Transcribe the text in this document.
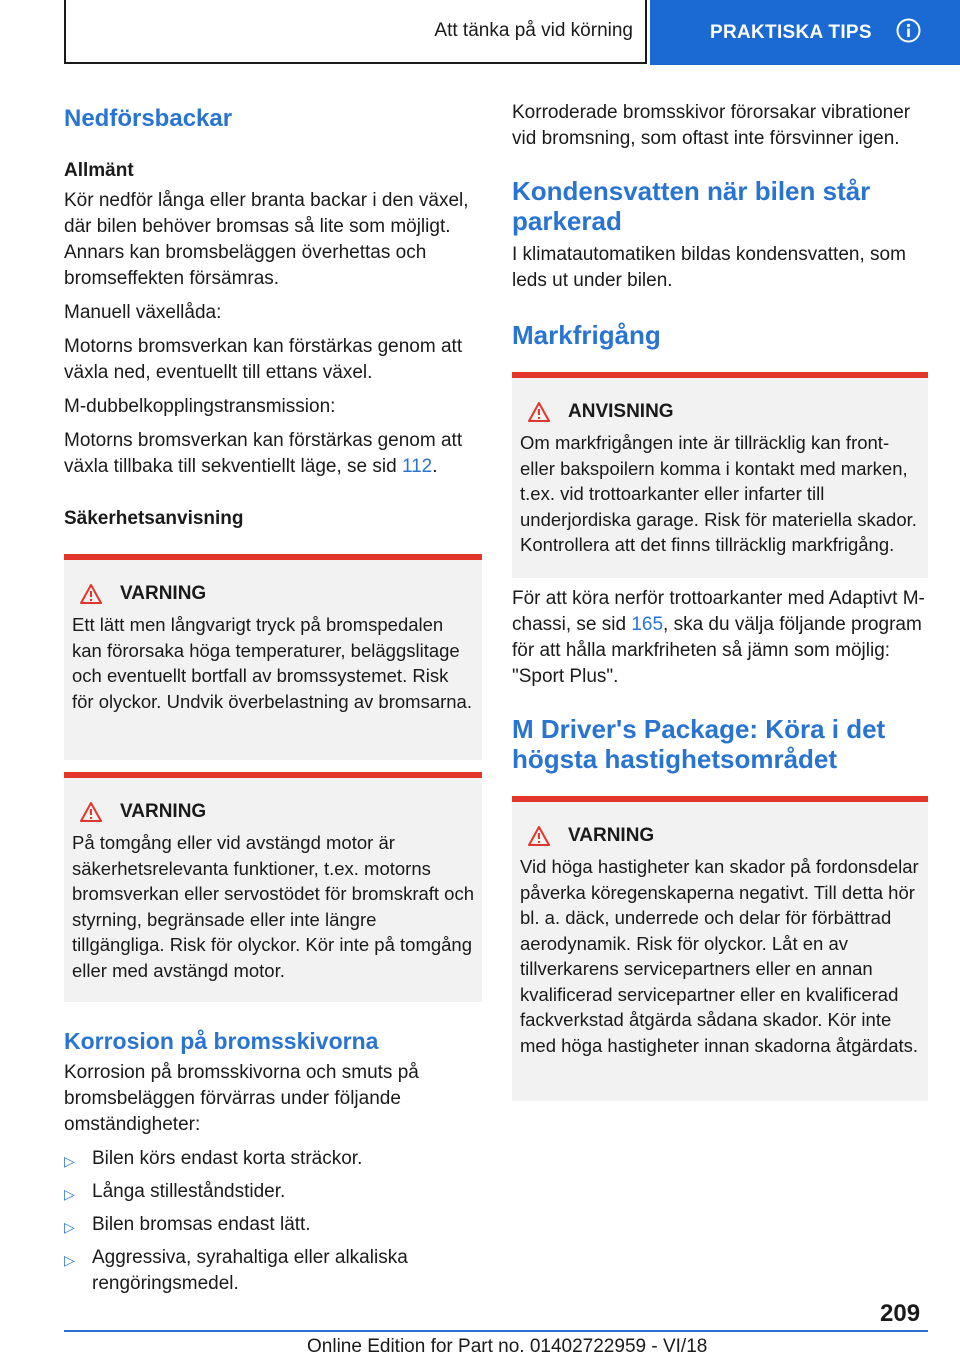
Att tänka på vid körning	PRAKTISKA TIPS
Nedförsbackar
Allmänt

Kör nedför långa eller branta backar i den växel, där bilen behöver bromsas så lite som möjligt. Annars kan bromsbeläggen överhettas och bromseffekten försämras.

Manuell växellåda:

Motorns bromsverkan kan förstärkas genom att växla ned, eventuellt till ettans växel.

M-dubbelkopplingstransmission:

Motorns bromsverkan kan förstärkas genom att växla tillbaka till sekventiellt läge, se sid 112.

Säkerhetsanvisning
VARNING
Ett lätt men långvarigt tryck på bromspedalen kan förorsaka höga temperaturer, beläggslitage och eventuellt bortfall av bromssystemet. Risk för olyckor. Undvik överbelastning av bromsarna.
VARNING
På tomgång eller vid avstängd motor är säkerhetsrelevanta funktioner, t.ex. motorns bromsverkan eller servostödet för bromskraft och styrning, begränsade eller inte längre tillgängliga. Risk för olyckor. Kör inte på tomgång eller med avstängd motor.
Korrosion på bromsskivorna

Korrosion på bromsskivorna och smuts på bromsbeläggen förvärras under följande omständigheter:

▷ Bilen körs endast korta sträckor.
▷ Långa stilleståndstider.
▷ Bilen bromsas endast lätt.
▷ Aggressiva, syrahaltiga eller alkaliska rengöringsmedel.

Korroderade bromsskivor förorsakar vibrationer vid bromsning, som oftast inte försvinner igen.

Kondensvatten när bilen står parkerad

I klimatautomatiken bildas kondensvatten, som leds ut under bilen.

Markfrigång
ANVISNING
Om markfrigången inte är tillräcklig kan front- eller bakspoilern komma i kontakt med marken, t.ex. vid trottoarkanter eller infarter till underjordiska garage. Risk för materiella skador. Kontrollera att det finns tillräcklig markfrigång.

För att köra nerför trottoarkanter med Adaptivt M-chassi, se sid 165, ska du välja följande program för att hålla markfriheten så jämn som möjlig: "Sport Plus".

M Driver's Package: Köra i det högsta hastighetsområdet
VARNING
Vid höga hastigheter kan skador på fordonsdelar påverka köregenskaperna negativt. Till detta hör bl. a. däck, underrede och delar för förbättrad aerodynamik. Risk för olyckor. Låt en av tillverkarens servicepartners eller en annan kvalificerad servicepartner eller en kvalificerad fackverkstad åtgärda sådana skador. Kör inte med höga hastigheter innan skadorna åtgärdats.
209
Online Edition for Part no. 01402722959 - VI/18
